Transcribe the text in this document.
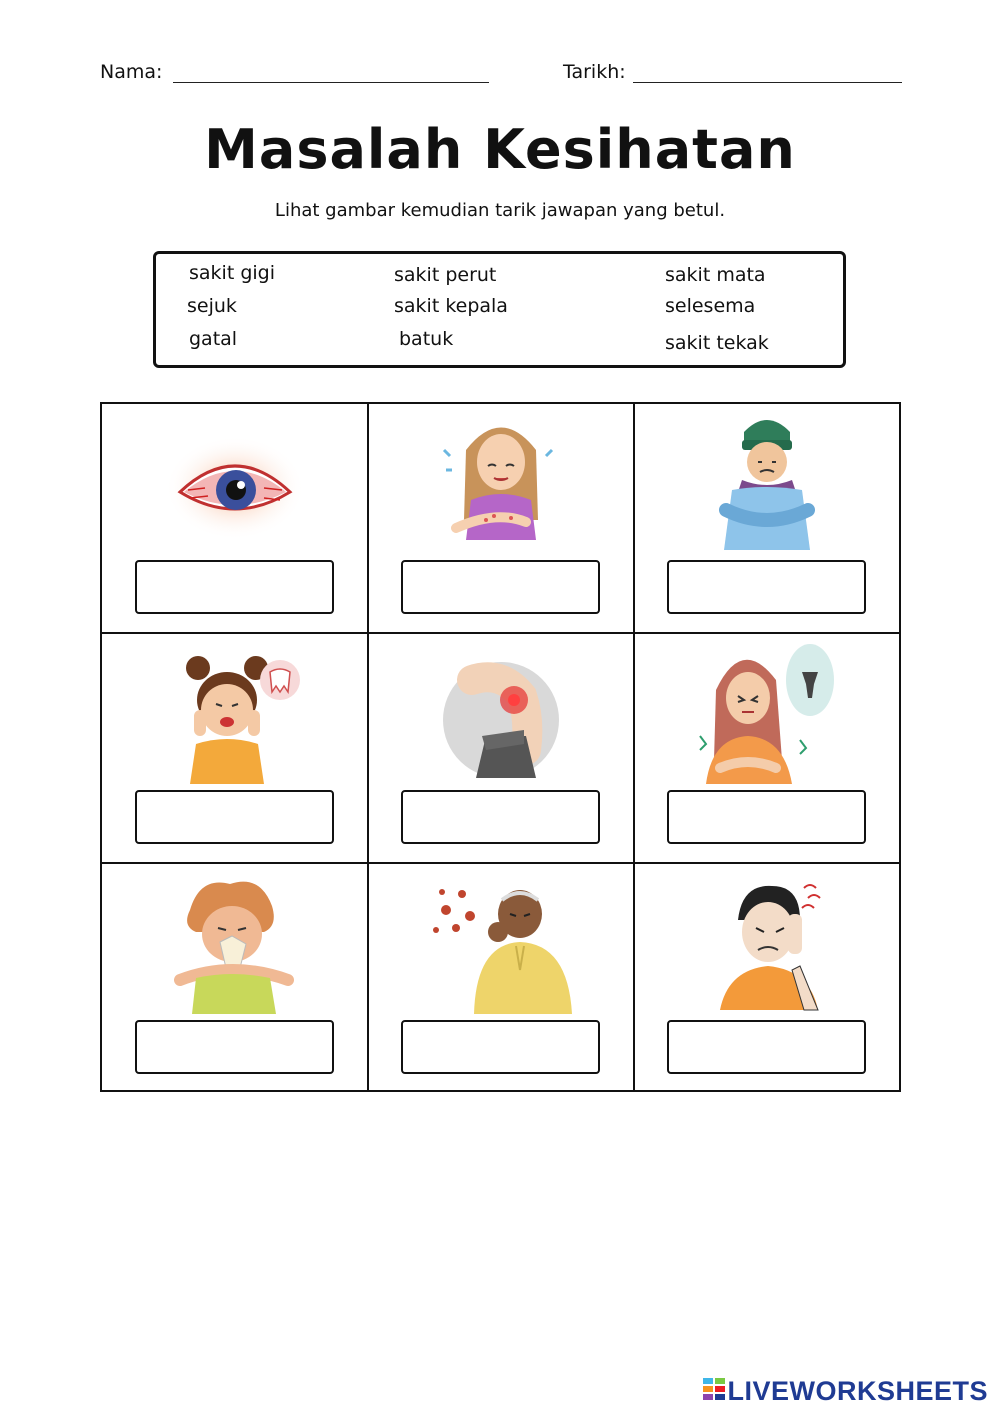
Nama:	Tarikh:
Masalah Kesihatan
Lihat gambar kemudian tarik jawapan yang betul.
sakit gigi
sejuk
gatal
sakit perut
sakit kepala
batuk
sakit mata
selesema
sakit tekak
LIVEWORKSHEETS
